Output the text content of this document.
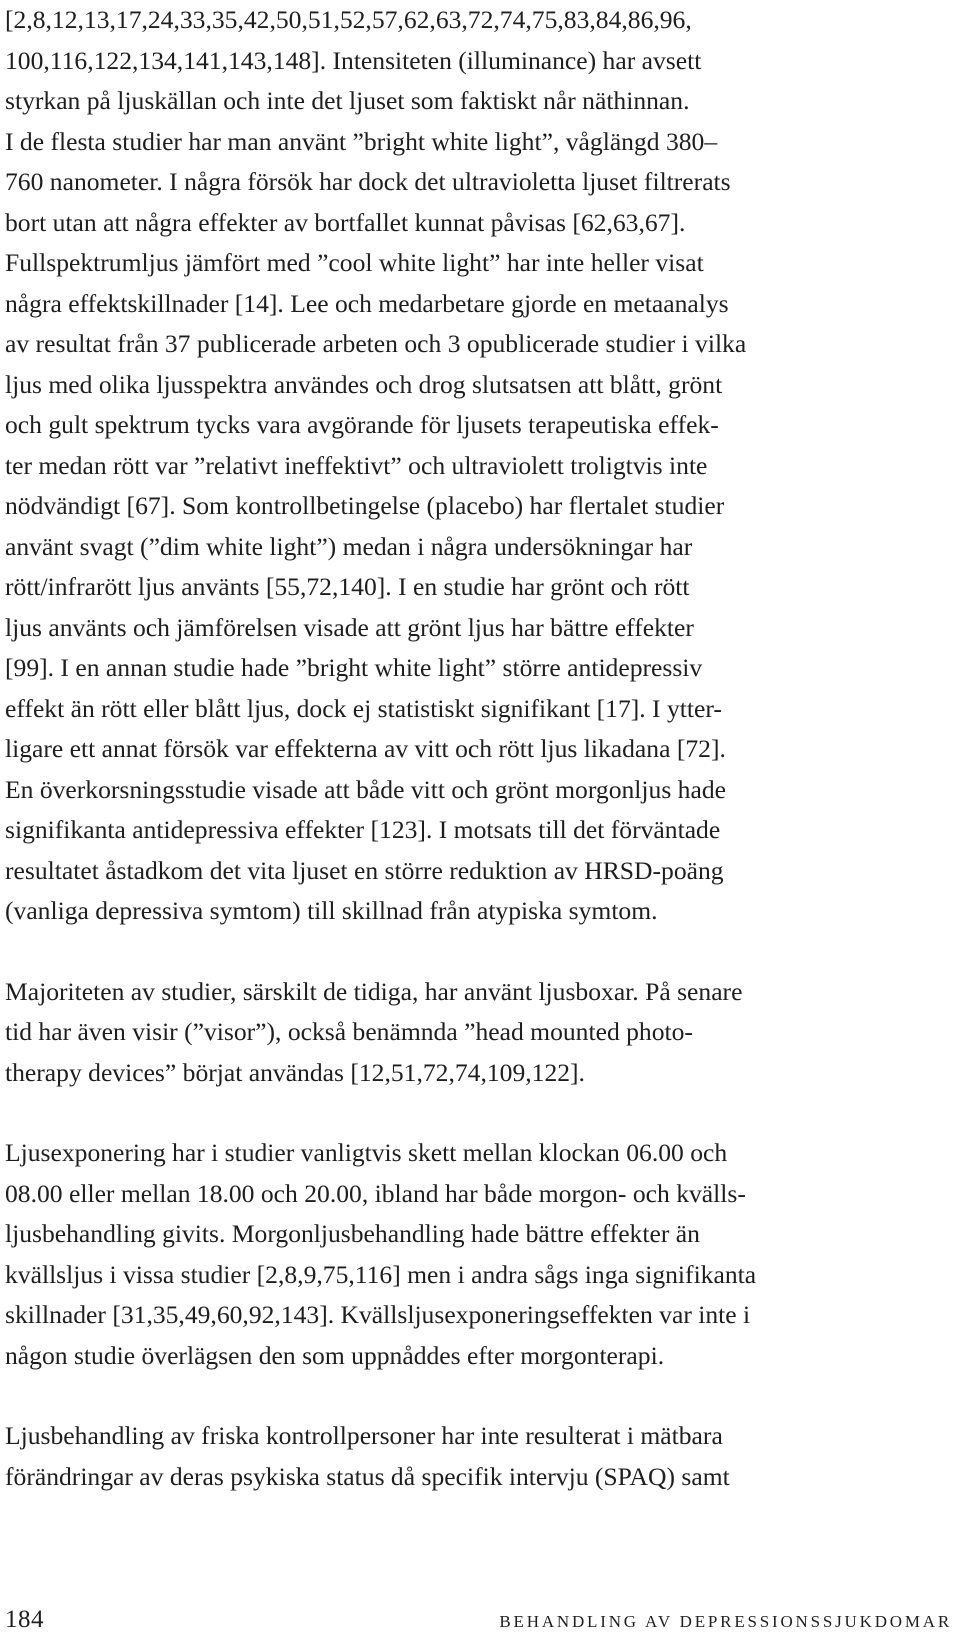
[2,8,12,13,17,24,33,35,42,50,51,52,57,62,63,72,74,75,83,84,86,96,
100,116,122,134,141,143,148]. Intensiteten (illuminance) har avsett
styrkan på ljuskällan och inte det ljuset som faktiskt når näthinnan.
I de flesta studier har man använt ”bright white light”, våglängd 380–
760 nanometer. I några försök har dock det ultravioletta ljuset filtrerats
bort utan att några effekter av bortfallet kunnat påvisas [62,63,67].
Fullspektrumljus jämfört med ”cool white light” har inte heller visat
några effektskillnader [14]. Lee och medarbetare gjorde en metaanalys
av resultat från 37 publicerade arbeten och 3 opublicerade studier i vilka
ljus med olika ljusspektra användes och drog slutsatsen att blått, grönt
och gult spektrum tycks vara avgörande för ljusets terapeutiska effek-
ter medan rött var ”relativt ineffektivt” och ultraviolett troligtvis inte
nödvändigt [67]. Som kontrollbetingelse (placebo) har flertalet studier
använt svagt (”dim white light”) medan i några undersökningar har
rött/infrarött ljus använts [55,72,140]. I en studie har grönt och rött
ljus använts och jämförelsen visade att grönt ljus har bättre effekter
[99]. I en annan studie hade ”bright white light” större antidepressiv
effekt än rött eller blått ljus, dock ej statistiskt signifikant [17]. I ytter-
ligare ett annat försök var effekterna av vitt och rött ljus likadana [72].
En överkorsningsstudie visade att både vitt och grönt morgonljus hade
signifikanta antidepressiva effekter [123]. I motsats till det förväntade
resultatet åstadkom det vita ljuset en större reduktion av HRSD-poäng
(vanliga depressiva symtom) till skillnad från atypiska symtom.

Majoriteten av studier, särskilt de tidiga, har använt ljusboxar. På senare
tid har även visir (”visor”), också benämnda ”head mounted photo-
therapy devices” börjat användas [12,51,72,74,109,122].

Ljusexponering har i studier vanligtvis skett mellan klockan 06.00 och
08.00 eller mellan 18.00 och 20.00, ibland har både morgon- och kvälls-
ljusbehandling givits. Morgonljusbehandling hade bättre effekter än
kvällsljus i vissa studier [2,8,9,75,116] men i andra sågs inga signifikanta
skillnader [31,35,49,60,92,143]. Kvällsljusexponeringseffekten var inte i
någon studie överlägsen den som uppnåddes efter morgonterapi.

Ljusbehandling av friska kontrollpersoner har inte resulterat i mätbara
förändringar av deras psykiska status då specifik intervju (SPAQ) samt

184	BEHANDLING AV DEPRESSIONSSJUKDOMAR
